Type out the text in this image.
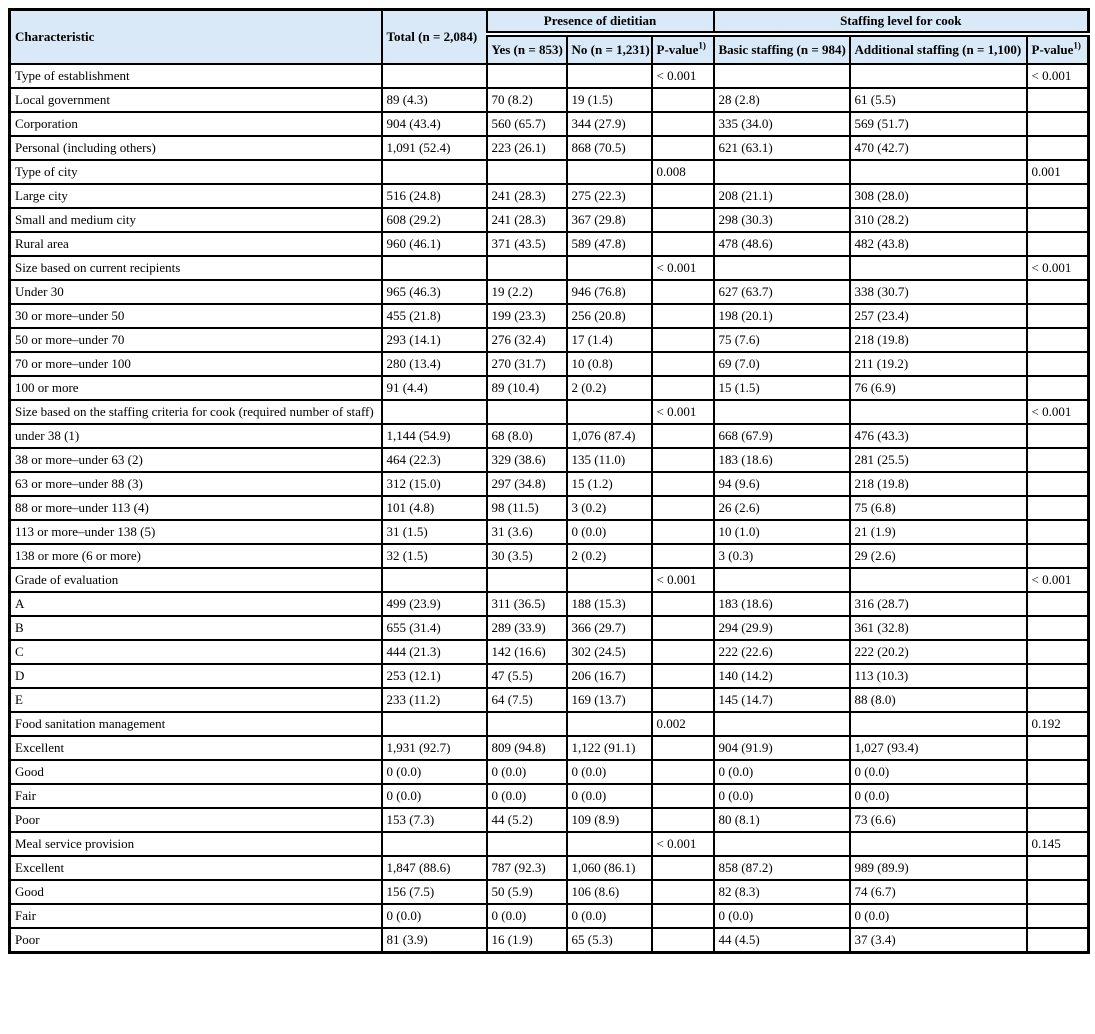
Characteristic	Total (n = 2,084)	Presence of dietitian			Staffing level for cook		
		Yes (n = 853)	No (n = 1,231)	P-value$^{1)}$	Basic staffing (n = 984)	Additional staffing (n = 1,100)	P-value$^{1)}$
Type of establishment				< 0.001			< 0.001
Local government	89 (4.3)	70 (8.2)	19 (1.5)		28 (2.8)	61 (5.5)	
Corporation	904 (43.4)	560 (65.7)	344 (27.9)		335 (34.0)	569 (51.7)	
Personal (including others)	1,091 (52.4)	223 (26.1)	868 (70.5)		621 (63.1)	470 (42.7)	
Type of city				0.008			0.001
Large city	516 (24.8)	241 (28.3)	275 (22.3)		208 (21.1)	308 (28.0)	
Small and medium city	608 (29.2)	241 (28.3)	367 (29.8)		298 (30.3)	310 (28.2)	
Rural area	960 (46.1)	371 (43.5)	589 (47.8)		478 (48.6)	482 (43.8)	
Size based on current recipients				< 0.001			< 0.001
Under 30	965 (46.3)	19 (2.2)	946 (76.8)		627 (63.7)	338 (30.7)	
30 or more–under 50	455 (21.8)	199 (23.3)	256 (20.8)		198 (20.1)	257 (23.4)	
50 or more–under 70	293 (14.1)	276 (32.4)	17 (1.4)		75 (7.6)	218 (19.8)	
70 or more–under 100	280 (13.4)	270 (31.7)	10 (0.8)		69 (7.0)	211 (19.2)	
100 or more	91 (4.4)	89 (10.4)	2 (0.2)		15 (1.5)	76 (6.9)	
Size based on the staffing criteria for cook (required number of staff)				< 0.001			< 0.001
under 38 (1)	1,144 (54.9)	68 (8.0)	1,076 (87.4)		668 (67.9)	476 (43.3)	
38 or more–under 63 (2)	464 (22.3)	329 (38.6)	135 (11.0)		183 (18.6)	281 (25.5)	
63 or more–under 88 (3)	312 (15.0)	297 (34.8)	15 (1.2)		94 (9.6)	218 (19.8)	
88 or more–under 113 (4)	101 (4.8)	98 (11.5)	3 (0.2)		26 (2.6)	75 (6.8)	
113 or more–under 138 (5)	31 (1.5)	31 (3.6)	0 (0.0)		10 (1.0)	21 (1.9)	
138 or more (6 or more)	32 (1.5)	30 (3.5)	2 (0.2)		3 (0.3)	29 (2.6)	
Grade of evaluation				< 0.001			< 0.001
A	499 (23.9)	311 (36.5)	188 (15.3)		183 (18.6)	316 (28.7)	
B	655 (31.4)	289 (33.9)	366 (29.7)		294 (29.9)	361 (32.8)	
C	444 (21.3)	142 (16.6)	302 (24.5)		222 (22.6)	222 (20.2)	
D	253 (12.1)	47 (5.5)	206 (16.7)		140 (14.2)	113 (10.3)	
E	233 (11.2)	64 (7.5)	169 (13.7)		145 (14.7)	88 (8.0)	
Food sanitation management				0.002			0.192
Excellent	1,931 (92.7)	809 (94.8)	1,122 (91.1)		904 (91.9)	1,027 (93.4)	
Good	0 (0.0)	0 (0.0)	0 (0.0)		0 (0.0)	0 (0.0)	
Fair	0 (0.0)	0 (0.0)	0 (0.0)		0 (0.0)	0 (0.0)	
Poor	153 (7.3)	44 (5.2)	109 (8.9)		80 (8.1)	73 (6.6)	
Meal service provision				< 0.001			0.145
Excellent	1,847 (88.6)	787 (92.3)	1,060 (86.1)		858 (87.2)	989 (89.9)	
Good	156 (7.5)	50 (5.9)	106 (8.6)		82 (8.3)	74 (6.7)	
Fair	0 (0.0)	0 (0.0)	0 (0.0)		0 (0.0)	0 (0.0)	
Poor	81 (3.9)	16 (1.9)	65 (5.3)		44 (4.5)	37 (3.4)	
